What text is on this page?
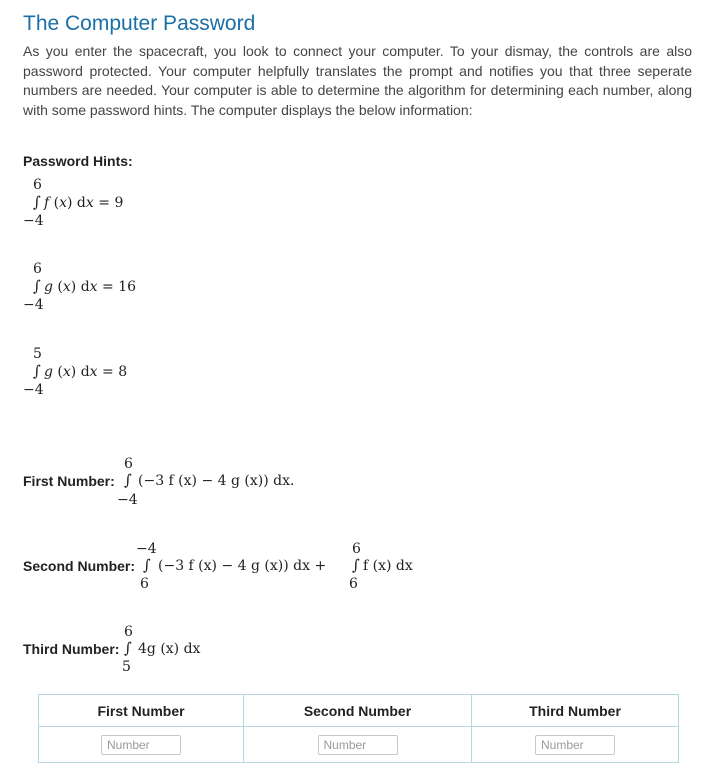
The Computer Password

As you enter the spacecraft, you look to connect your computer. To your dismay, the controls are also password protected. Your computer helpfully translates the prompt and notifies you that three seperate numbers are needed. Your computer is able to determine the algorithm for determining each number, along with some password hints. The computer displays the below information:

Password Hints:
6
∫ f (x) dx = 9
−4
6
∫ g (x) dx = 16
−4
5
∫ g (x) dx = 8
−4
First Number:
6
∫ (−3 f (x) − 4 g (x)) dx.
−4
Second Number:
−4
∫ (−3 f (x) − 4 g (x)) dx +
6
6
∫ f (x) dx
6
Third Number:
6
∫ 4g (x) dx
5
First Number	Second Number	Third Number
Number	Number	Number
